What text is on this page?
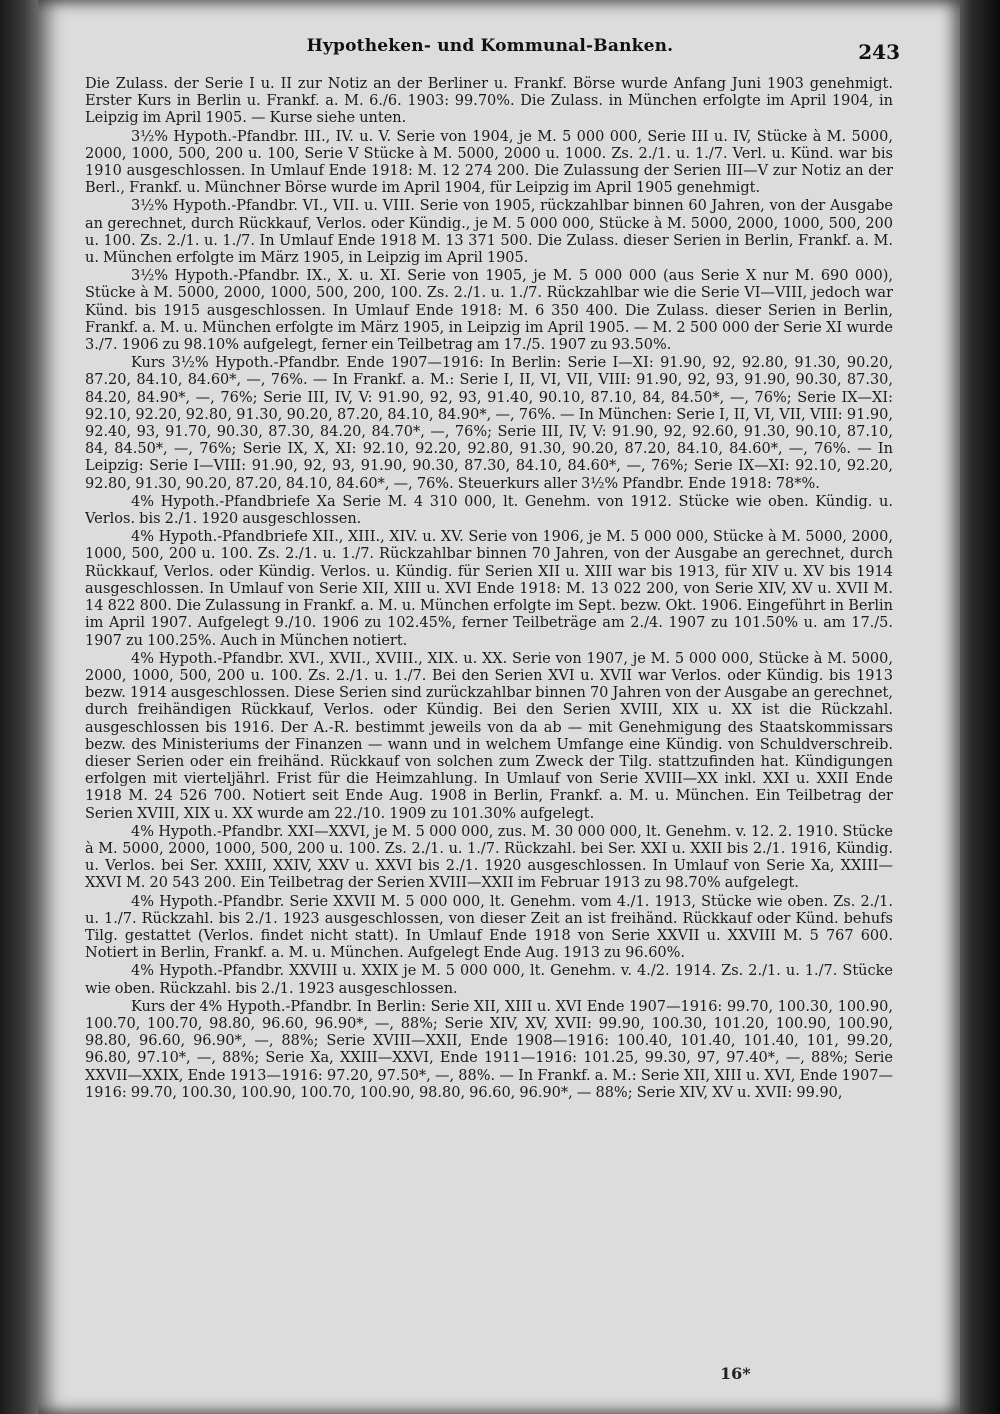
Hypotheken- und Kommunal-Banken.	243

Die Zulass. der Serie I u. II zur Notiz an der Berliner u. Frankf. Börse wurde Anfang Juni 1903 genehmigt. Erster Kurs in Berlin u. Frankf. a. M. 6./6. 1903: 99.70%. Die Zulass. in München erfolgte im April 1904, in Leipzig im April 1905. — Kurse siehe unten.

3½% Hypoth.-Pfandbr. III., IV. u. V. Serie von 1904, je M. 5 000 000, Serie III u. IV, Stücke à M. 5000, 2000, 1000, 500, 200 u. 100, Serie V Stücke à M. 5000, 2000 u. 1000. Zs. 2./1. u. 1./7. Verl. u. Künd. war bis 1910 ausgeschlossen. In Umlauf Ende 1918: M. 12 274 200. Die Zulassung der Serien III—V zur Notiz an der Berl., Frankf. u. Münchner Börse wurde im April 1904, für Leipzig im April 1905 genehmigt.

3½% Hypoth.-Pfandbr. VI., VII. u. VIII. Serie von 1905, rückzahlbar binnen 60 Jahren, von der Ausgabe an gerechnet, durch Rückkauf, Verlos. oder Kündig., je M. 5 000 000, Stücke à M. 5000, 2000, 1000, 500, 200 u. 100. Zs. 2./1. u. 1./7. In Umlauf Ende 1918 M. 13 371 500. Die Zulass. dieser Serien in Berlin, Frankf. a. M. u. München erfolgte im März 1905, in Leipzig im April 1905.

3½% Hypoth.-Pfandbr. IX., X. u. XI. Serie von 1905, je M. 5 000 000 (aus Serie X nur M. 690 000), Stücke à M. 5000, 2000, 1000, 500, 200, 100. Zs. 2./1. u. 1./7. Rückzahlbar wie die Serie VI—VIII, jedoch war Künd. bis 1915 ausgeschlossen. In Umlauf Ende 1918: M. 6 350 400. Die Zulass. dieser Serien in Berlin, Frankf. a. M. u. München erfolgte im März 1905, in Leipzig im April 1905. — M. 2 500 000 der Serie XI wurde 3./7. 1906 zu 98.10% aufgelegt, ferner ein Teilbetrag am 17./5. 1907 zu 93.50%.

Kurs 3½% Hypoth.-Pfandbr. Ende 1907—1916: In Berlin: Serie I—XI: 91.90, 92, 92.80, 91.30, 90.20, 87.20, 84.10, 84.60*, —, 76%. — In Frankf. a. M.: Serie I, II, VI, VII, VIII: 91.90, 92, 93, 91.90, 90.30, 87.30, 84.20, 84.90*, —, 76%; Serie III, IV, V: 91.90, 92, 93, 91.40, 90.10, 87.10, 84, 84.50*, —, 76%; Serie IX—XI: 92.10, 92.20, 92.80, 91.30, 90.20, 87.20, 84.10, 84.90*, —, 76%. — In München: Serie I, II, VI, VII, VIII: 91.90, 92.40, 93, 91.70, 90.30, 87.30, 84.20, 84.70*, —, 76%; Serie III, IV, V: 91.90, 92, 92.60, 91.30, 90.10, 87.10, 84, 84.50*, —, 76%; Serie IX, X, XI: 92.10, 92.20, 92.80, 91.30, 90.20, 87.20, 84.10, 84.60*, —, 76%. — In Leipzig: Serie I—VIII: 91.90, 92, 93, 91.90, 90.30, 87.30, 84.10, 84.60*, —, 76%; Serie IX—XI: 92.10, 92.20, 92.80, 91.30, 90.20, 87.20, 84.10, 84.60*, —, 76%. Steuerkurs aller 3½% Pfandbr. Ende 1918: 78*%.

4% Hypoth.-Pfandbriefe Xa Serie M. 4 310 000, lt. Genehm. von 1912. Stücke wie oben. Kündig. u. Verlos. bis 2./1. 1920 ausgeschlossen.

4% Hypoth.-Pfandbriefe XII., XIII., XIV. u. XV. Serie von 1906, je M. 5 000 000, Stücke à M. 5000, 2000, 1000, 500, 200 u. 100. Zs. 2./1. u. 1./7. Rückzahlbar binnen 70 Jahren, von der Ausgabe an gerechnet, durch Rückkauf, Verlos. oder Kündig. Verlos. u. Kündig. für Serien XII u. XIII war bis 1913, für XIV u. XV bis 1914 ausgeschlossen. In Umlauf von Serie XII, XIII u. XVI Ende 1918: M. 13 022 200, von Serie XIV, XV u. XVII M. 14 822 800. Die Zulassung in Frankf. a. M. u. München erfolgte im Sept. bezw. Okt. 1906. Eingeführt in Berlin im April 1907. Aufgelegt 9./10. 1906 zu 102.45%, ferner Teilbeträge am 2./4. 1907 zu 101.50% u. am 17./5. 1907 zu 100.25%. Auch in München notiert.

4% Hypoth.-Pfandbr. XVI., XVII., XVIII., XIX. u. XX. Serie von 1907, je M. 5 000 000, Stücke à M. 5000, 2000, 1000, 500, 200 u. 100. Zs. 2./1. u. 1./7. Bei den Serien XVI u. XVII war Verlos. oder Kündig. bis 1913 bezw. 1914 ausgeschlossen. Diese Serien sind zurückzahlbar binnen 70 Jahren von der Ausgabe an gerechnet, durch freihändigen Rückkauf, Verlos. oder Kündig. Bei den Serien XVIII, XIX u. XX ist die Rückzahl. ausgeschlossen bis 1916. Der A.-R. bestimmt jeweils von da ab — mit Genehmigung des Staatskommissars bezw. des Ministeriums der Finanzen — wann und in welchem Umfange eine Kündig. von Schuldverschreib. dieser Serien oder ein freihänd. Rückkauf von solchen zum Zweck der Tilg. stattzufinden hat. Kündigungen erfolgen mit vierteljährl. Frist für die Heimzahlung. In Umlauf von Serie XVIII—XX inkl. XXI u. XXII Ende 1918 M. 24 526 700. Notiert seit Ende Aug. 1908 in Berlin, Frankf. a. M. u. München. Ein Teilbetrag der Serien XVIII, XIX u. XX wurde am 22./10. 1909 zu 101.30% aufgelegt.

4% Hypoth.-Pfandbr. XXI—XXVI, je M. 5 000 000, zus. M. 30 000 000, lt. Genehm. v. 12. 2. 1910. Stücke à M. 5000, 2000, 1000, 500, 200 u. 100. Zs. 2./1. u. 1./7. Rückzahl. bei Ser. XXI u. XXII bis 2./1. 1916, Kündig. u. Verlos. bei Ser. XXIII, XXIV, XXV u. XXVI bis 2./1. 1920 ausgeschlossen. In Umlauf von Serie Xa, XXIII—XXVI M. 20 543 200. Ein Teilbetrag der Serien XVIII—XXII im Februar 1913 zu 98.70% aufgelegt.

4% Hypoth.-Pfandbr. Serie XXVII M. 5 000 000, lt. Genehm. vom 4./1. 1913, Stücke wie oben. Zs. 2./1. u. 1./7. Rückzahl. bis 2./1. 1923 ausgeschlossen, von dieser Zeit an ist freihänd. Rückkauf oder Künd. behufs Tilg. gestattet (Verlos. findet nicht statt). In Umlauf Ende 1918 von Serie XXVII u. XXVIII M. 5 767 600. Notiert in Berlin, Frankf. a. M. u. München. Aufgelegt Ende Aug. 1913 zu 96.60%.

4% Hypoth.-Pfandbr. XXVIII u. XXIX je M. 5 000 000, lt. Genehm. v. 4./2. 1914. Zs. 2./1. u. 1./7. Stücke wie oben. Rückzahl. bis 2./1. 1923 ausgeschlossen.

Kurs der 4% Hypoth.-Pfandbr. In Berlin: Serie XII, XIII u. XVI Ende 1907—1916: 99.70, 100.30, 100.90, 100.70, 100.70, 98.80, 96.60, 96.90*, —, 88%; Serie XIV, XV, XVII: 99.90, 100.30, 101.20, 100.90, 100.90, 98.80, 96.60, 96.90*, —, 88%; Serie XVIII—XXII, Ende 1908—1916: 100.40, 101.40, 101.40, 101, 99.20, 96.80, 97.10*, —, 88%; Serie Xa, XXIII—XXVI, Ende 1911—1916: 101.25, 99.30, 97, 97.40*, —, 88%; Serie XXVII—XXIX, Ende 1913—1916: 97.20, 97.50*, —, 88%. — In Frankf. a. M.: Serie XII, XIII u. XVI, Ende 1907—1916: 99.70, 100.30, 100.90, 100.70, 100.90, 98.80, 96.60, 96.90*, — 88%; Serie XIV, XV u. XVII: 99.90,

16*
